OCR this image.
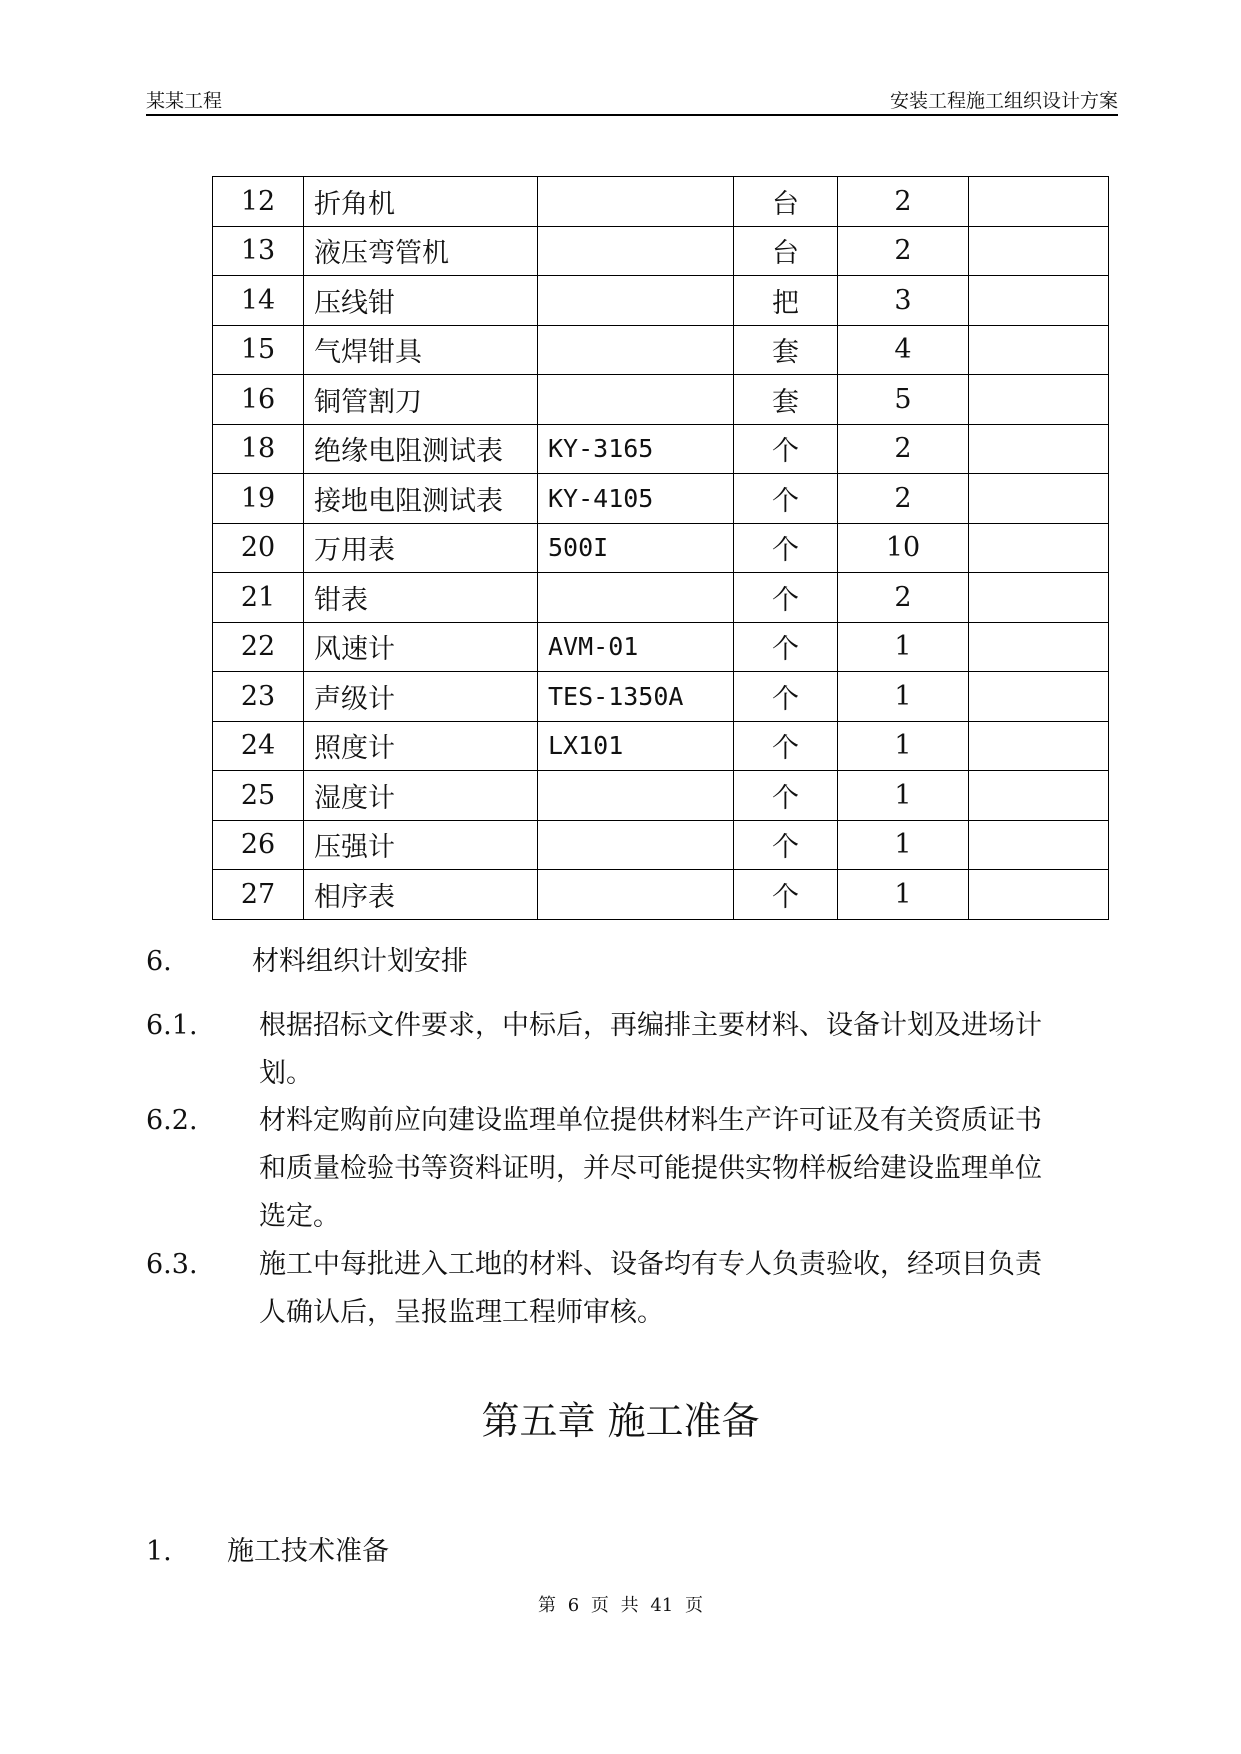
某某工程	安装工程施工组织设计方案
12	折角机		台	2	
13	液压弯管机		台	2	
14	压线钳		把	3	
15	气焊钳具		套	4	
16	铜管割刀		套	5	
18	绝缘电阻测试表	KY-3165	个	2	
19	接地电阻测试表	KY-4105	个	2	
20	万用表	500I	个	10	
21	钳表		个	2	
22	风速计	AVM-01	个	1	
23	声级计	TES-1350A	个	1	
24	照度计	LX101	个	1	
25	湿度计		个	1	
26	压强计		个	1	
27	相序表		个	1	
6.	材料组织计划安排
6.1. 根据招标文件要求，中标后，再编排主要材料、设备计划及进场计
划。
6.2. 材料定购前应向建设监理单位提供材料生产许可证及有关资质证书
和质量检验书等资料证明，并尽可能提供实物样板给建设监理单位
选定。
6.3. 施工中每批进入工地的材料、设备均有专人负责验收，经项目负责
人确认后，呈报监理工程师审核。
第五章 施工准备
1. 施工技术准备
第 6 页 共 41 页
